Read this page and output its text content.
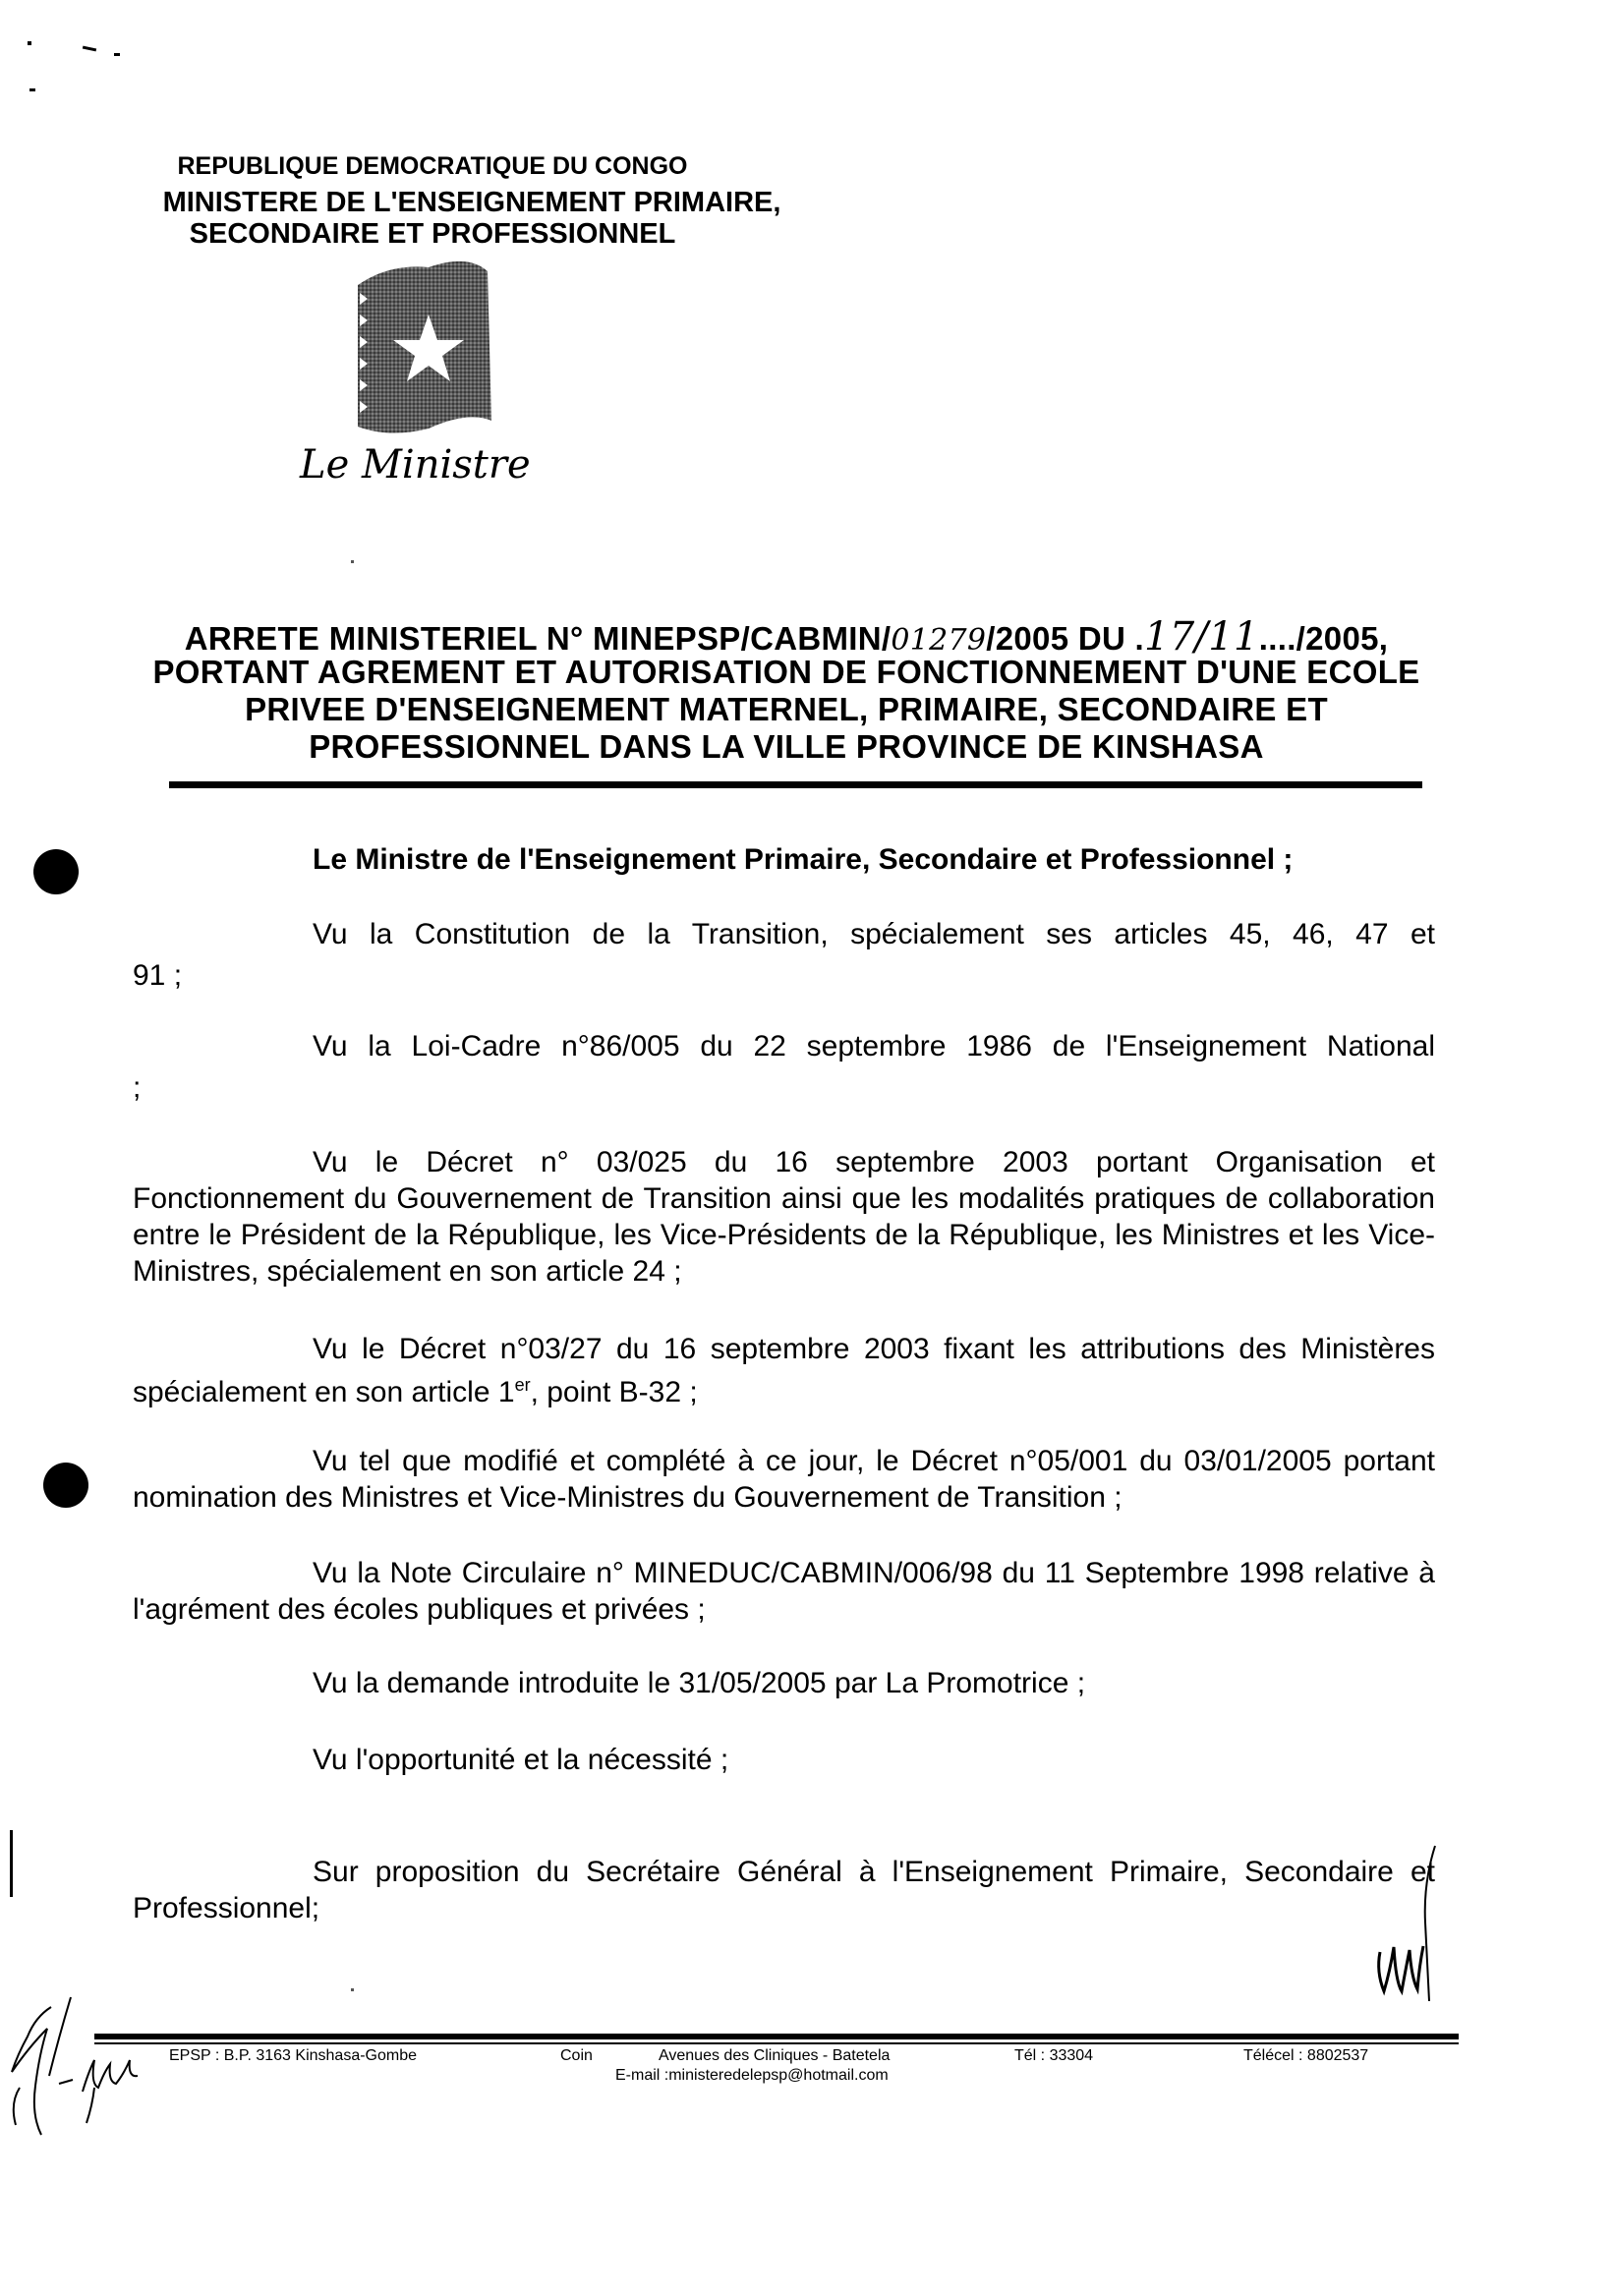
REPUBLIQUE DEMOCRATIQUE DU CONGO
MINISTERE DE L'ENSEIGNEMENT PRIMAIRE,
SECONDAIRE ET PROFESSIONNEL
Le Ministre
ARRETE MINISTERIEL N° MINEPSP/CABMIN/01279/2005 DU .17/11..../2005,
PORTANT AGREMENT ET AUTORISATION DE FONCTIONNEMENT D'UNE ECOLE
PRIVEE D'ENSEIGNEMENT MATERNEL, PRIMAIRE, SECONDAIRE ET
PROFESSIONNEL DANS LA VILLE PROVINCE DE KINSHASA
Le Ministre de l'Enseignement Primaire, Secondaire et Professionnel ;
Vu la Constitution de la Transition, spécialement ses articles 45, 46, 47 et
91 ;
Vu la Loi-Cadre n°86/005 du 22 septembre 1986 de l'Enseignement National
;
Vu le Décret n° 03/025 du 16 septembre 2003 portant Organisation et Fonctionnement du Gouvernement de Transition ainsi que les modalités pratiques de collaboration entre le Président de la République, les Vice-Présidents de la République, les Ministres et les Vice-Ministres, spécialement en son article 24 ;
Vu le Décret n°03/27 du 16 septembre 2003 fixant les attributions des Ministères spécialement en son article 1er, point B-32 ;
Vu tel que modifié et complété à ce jour, le Décret n°05/001 du 03/01/2005 portant nomination des Ministres et Vice-Ministres du Gouvernement de Transition ;
Vu la Note Circulaire n° MINEDUC/CABMIN/006/98 du 11 Septembre 1998 relative à l'agrément des écoles publiques et privées ;
Vu la demande introduite le 31/05/2005 par La Promotrice ;
Vu l'opportunité et la nécessité ;
Sur proposition du Secrétaire Général à l'Enseignement Primaire, Secondaire et Professionnel;
EPSP : B.P. 3163 Kinshasa-Gombe	Coin	Avenues des Cliniques - Batetela
E-mail :ministeredelepsp@hotmail.com
Tél : 33304	Télécel : 8802537
